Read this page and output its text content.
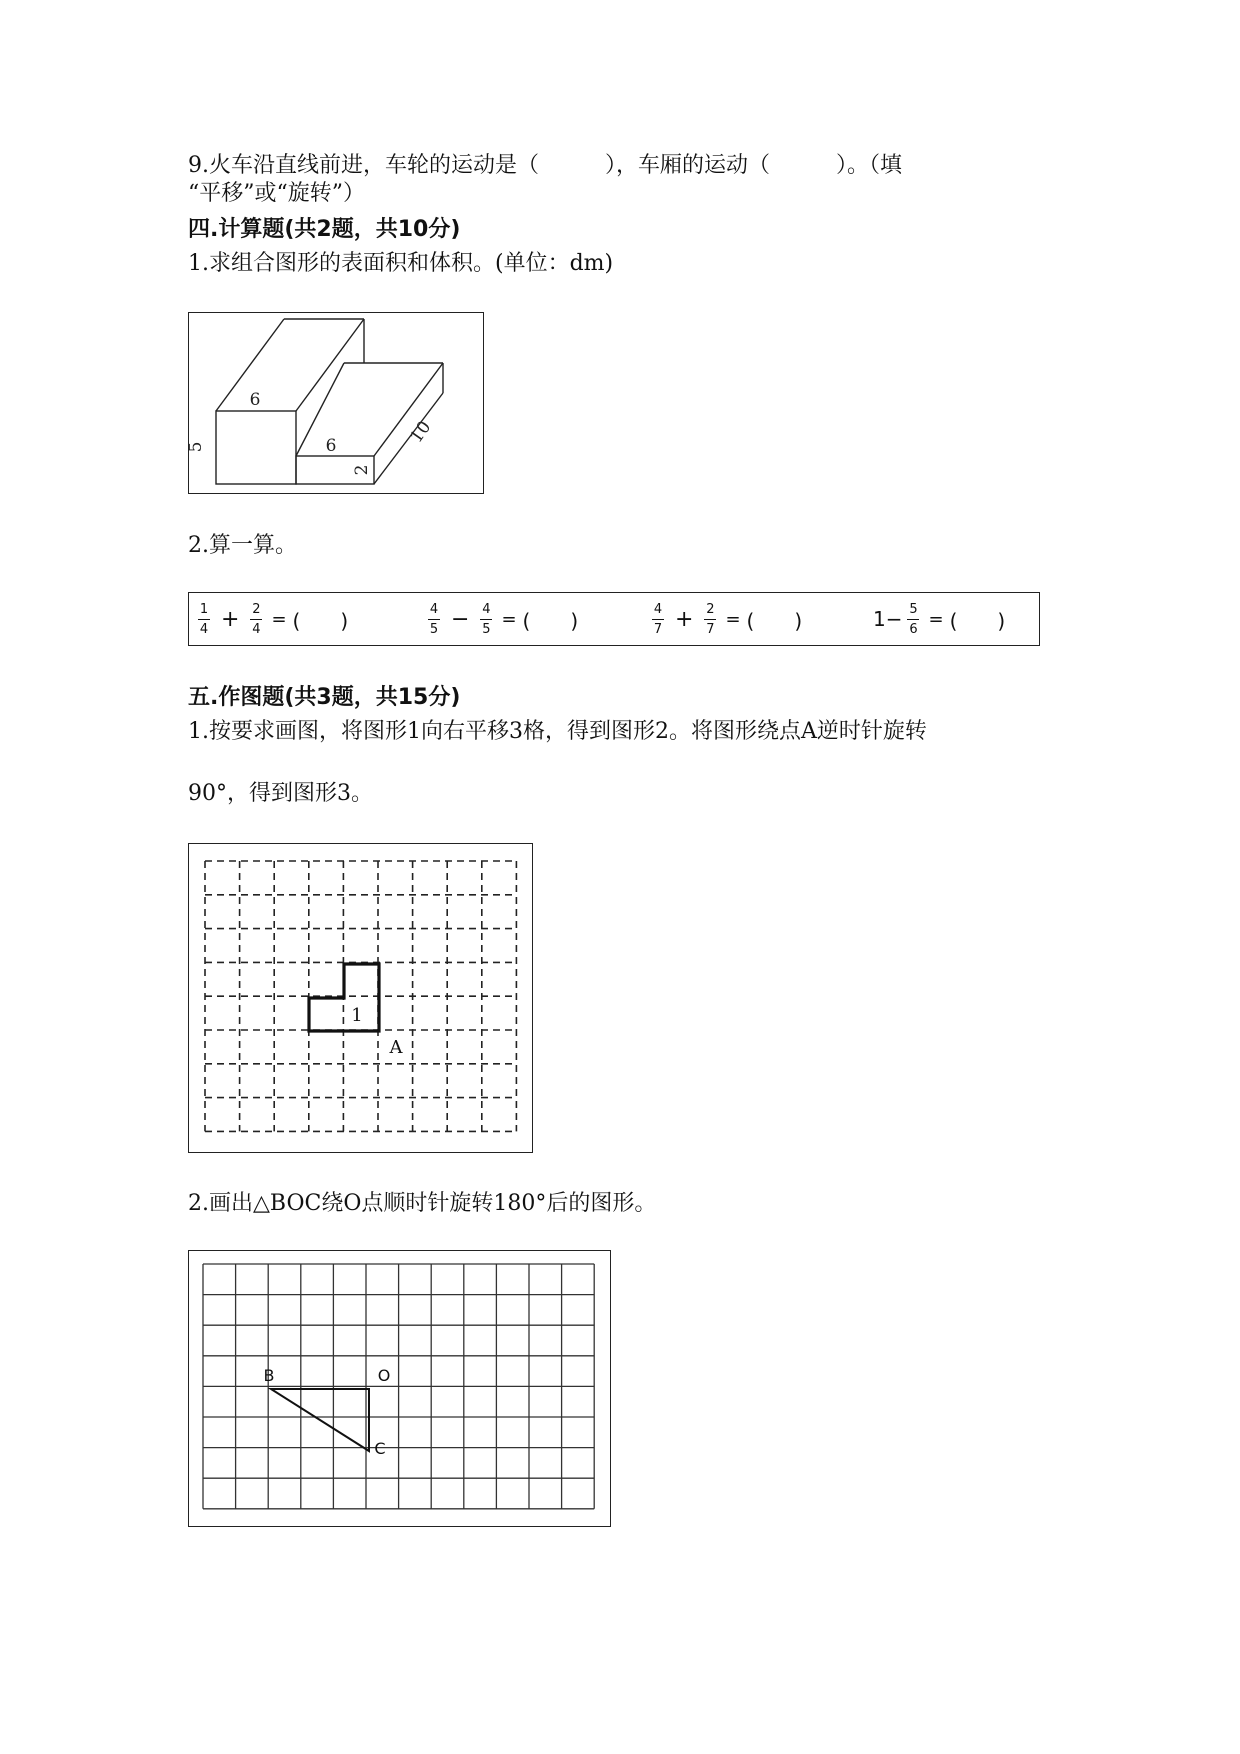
9.火车沿直线前进，车轮的运动是（　　　），车厢的运动（　　　）。（填
“平移”或“旋转”）
四.计算题(共2题，共10分)
1.求组合图形的表面积和体积。(单位：dm)
6
5	6
2
10
2.算一算。
$\frac{1}{4} + \frac{2}{4}$ = (　　)	$\frac{4}{5} - \frac{4}{5}$ = (　　)	$\frac{4}{7} + \frac{2}{7}$ = (　　)	$1- \frac{5}{6}$ = (　　)
五.作图题(共3题，共15分)
1.按要求画图，将图形1向右平移3格，得到图形2。将图形绕点A逆时针旋转
90°，得到图形3。
1
A
2.画出△BOC绕O点顺时针旋转180°后的图形。
B	O
C
